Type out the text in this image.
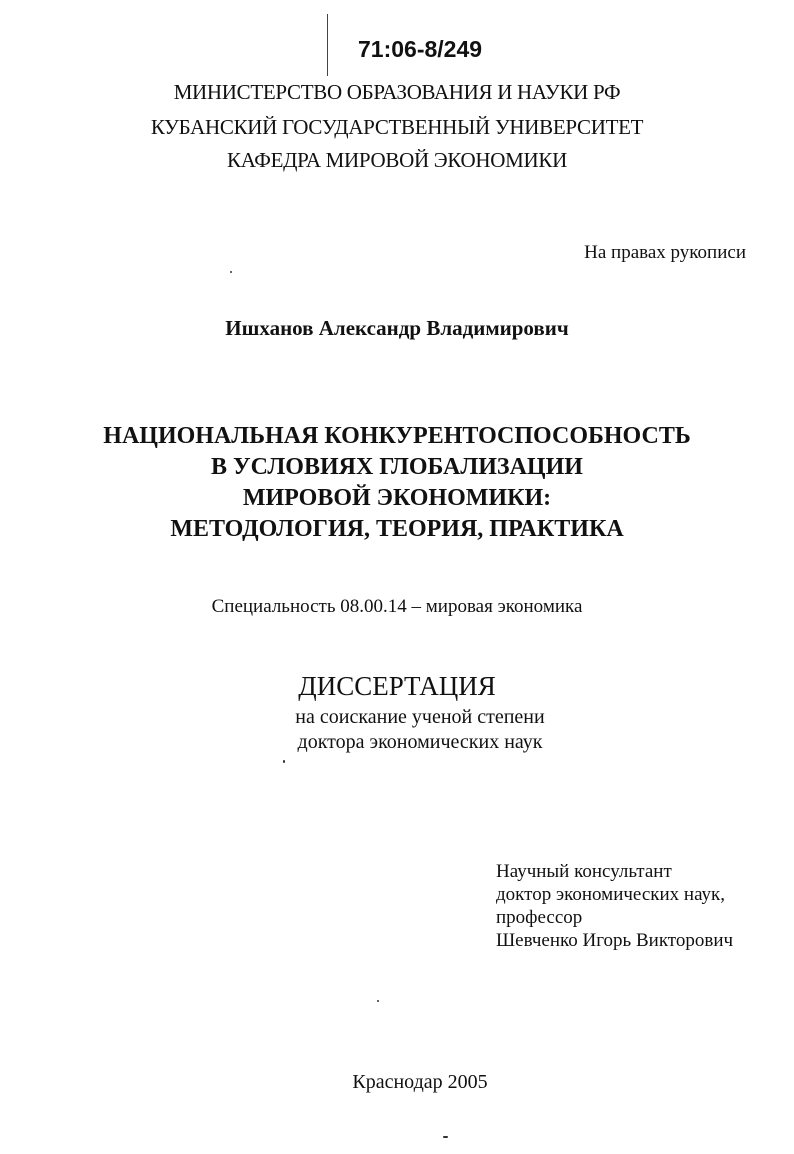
71:06-8/249
МИНИСТЕРСТВО ОБРАЗОВАНИЯ И НАУКИ РФ
КУБАНСКИЙ ГОСУДАРСТВЕННЫЙ УНИВЕРСИТЕТ
КАФЕДРА МИРОВОЙ ЭКОНОМИКИ
На правах рукописи
Ишханов Александр Владимирович
НАЦИОНАЛЬНАЯ КОНКУРЕНТОСПОСОБНОСТЬ
В УСЛОВИЯХ ГЛОБАЛИЗАЦИИ
МИРОВОЙ ЭКОНОМИКИ:
МЕТОДОЛОГИЯ, ТЕОРИЯ, ПРАКТИКА
Специальность 08.00.14 – мировая экономика
ДИССЕРТАЦИЯ
на соискание ученой степени
доктора экономических наук
Научный консультант
доктор экономических наук,
профессор
Шевченко Игорь Викторович
Краснодар 2005
